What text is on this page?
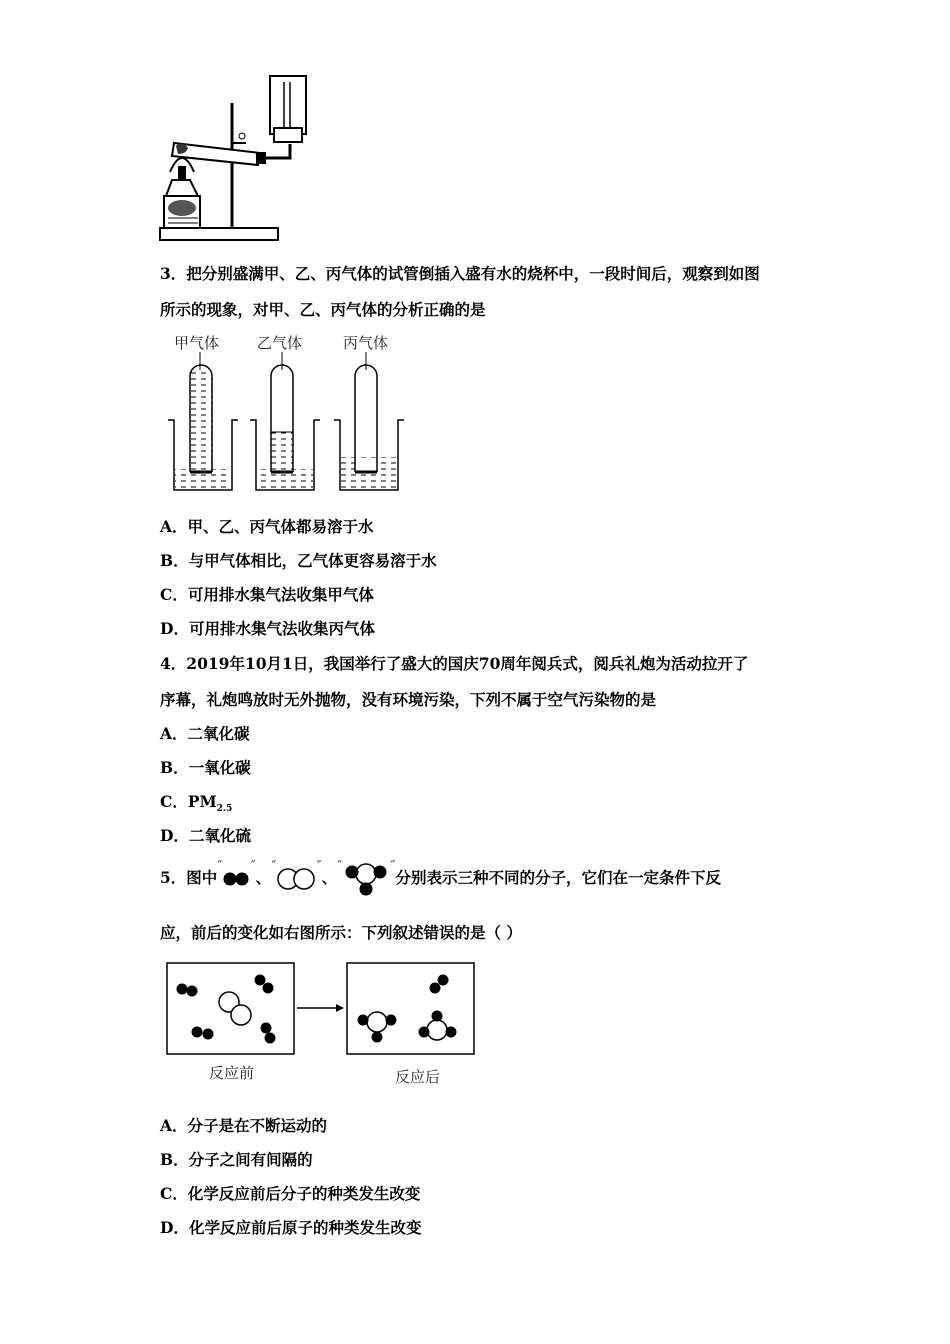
3．把分别盛满甲、乙、丙气体的试管倒插入盛有水的烧杯中，一段时间后，观察到如图
所示的现象，对甲、乙、丙气体的分析正确的是
甲气体	乙气体	丙气体
A．甲、乙、丙气体都易溶于水
B．与甲气体相比，乙气体更容易溶于水
C．可用排水集气法收集甲气体
D．可用排水集气法收集丙气体
4．2019年10月1日，我国举行了盛大的国庆70周年阅兵式，阅兵礼炮为活动拉开了
序幕，礼炮鸣放时无外抛物，没有环境污染，下列不属于空气污染物的是
A．二氧化碳
B．一氧化碳
C．$PM_{2.5}$
D．二氧化硫
5．图中“	”、“	”、“	”分别表示三种不同的分子，它们在一定条件下反
应，前后的变化如右图所示：下列叙述错误的是（ ）
反应前	反应后
A．分子是在不断运动的
B．分子之间有间隔的
C．化学反应前后分子的种类发生改变
D．化学反应前后原子的种类发生改变
